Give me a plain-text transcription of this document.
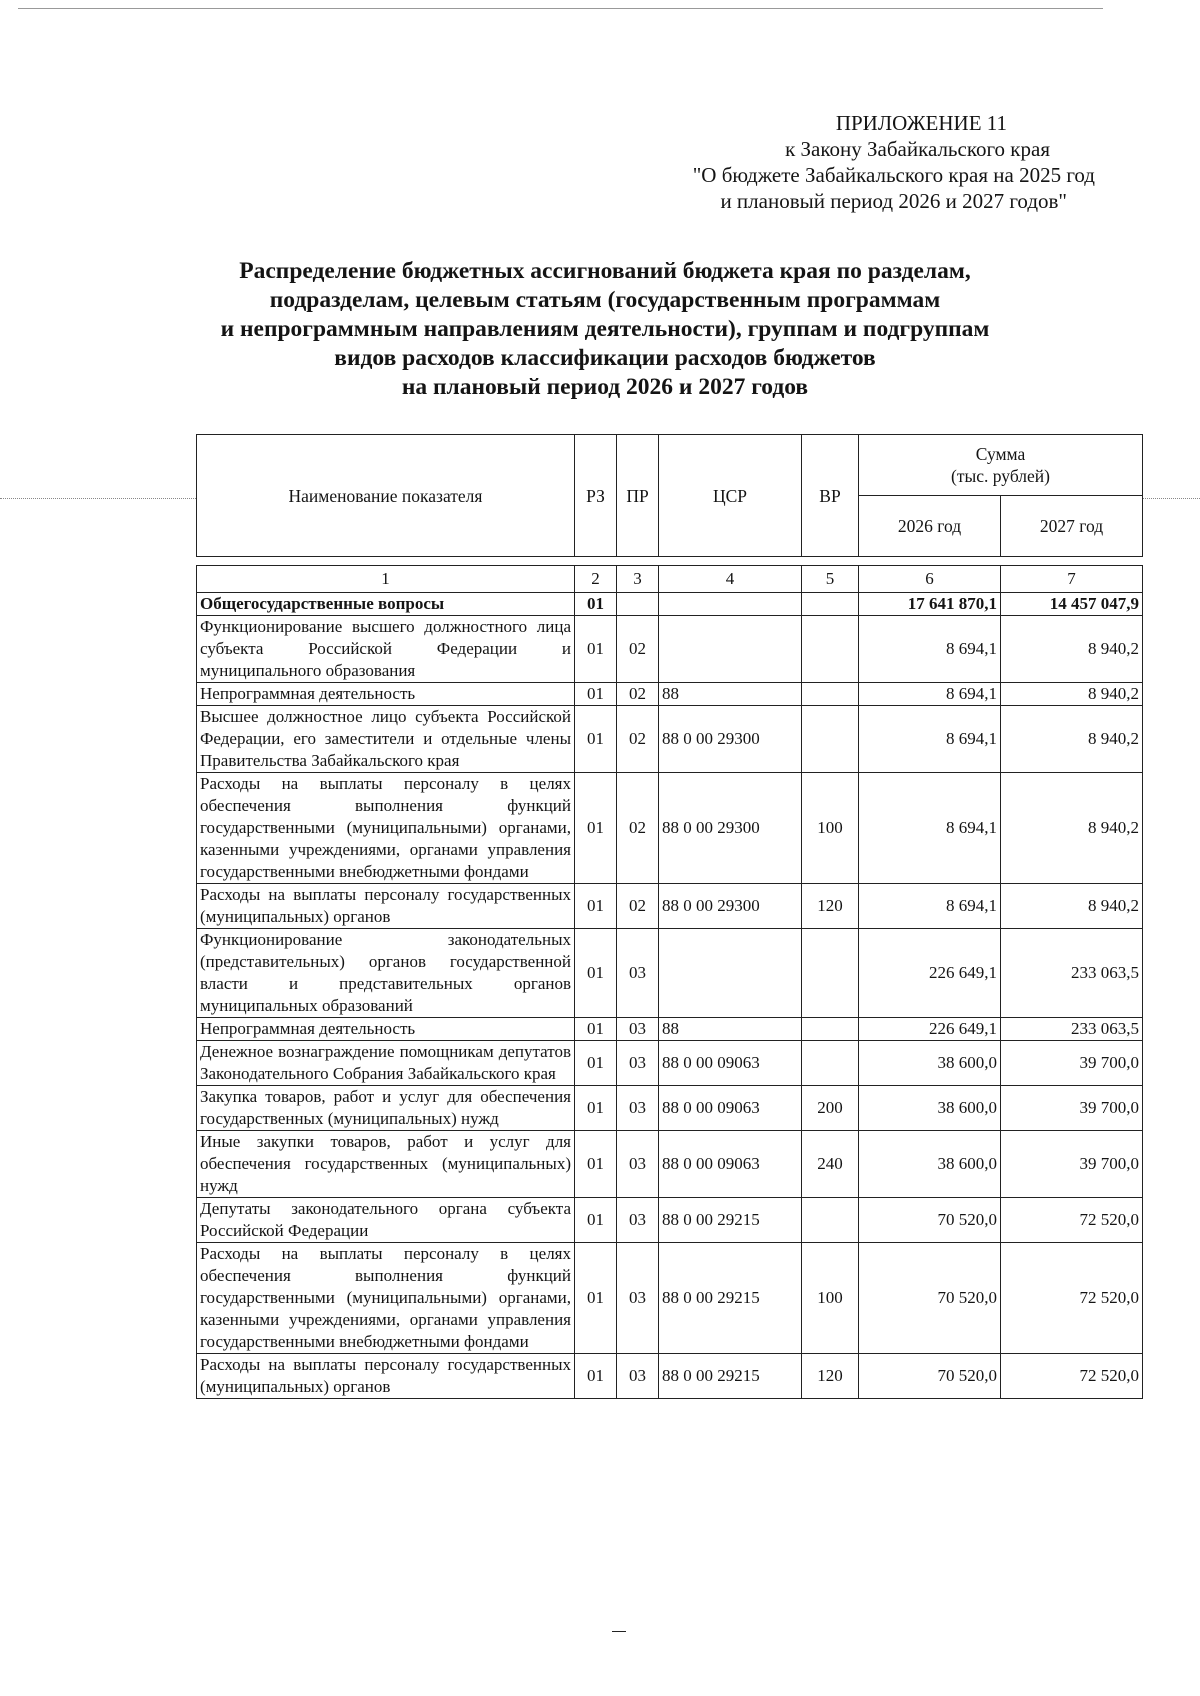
ПРИЛОЖЕНИЕ 11
к Закону Забайкальского края
"О бюджете Забайкальского края на 2025 год
и плановый период 2026 и 2027 годов"
Распределение бюджетных ассигнований бюджета края по разделам,
подразделам, целевым статьям (государственным программам
и непрограммным направлениям деятельности), группам и подгруппам
видов расходов классификации расходов бюджетов
на плановый период 2026 и 2027 годов
Наименование показателя	РЗ	ПР	ЦСР	ВР	Сумма
(тыс. рублей)	
					2026 год	2027 год

1	2	3	4	5	6	7
Общегосударственные вопросы	01				17 641 870,1	14 457 047,9
Функционирование высшего должностного лица субъекта Российской Федерации и муниципального образования	01	02			8 694,1	8 940,2
Непрограммная деятельность	01	02	88		8 694,1	8 940,2
Высшее должностное лицо субъекта Российской Федерации, его заместители и отдельные члены Правительства Забайкальского края	01	02	88 0 00 29300		8 694,1	8 940,2
Расходы на выплаты персоналу в целях обеспечения выполнения функций государственными (муниципальными) органами, казенными учреждениями, органами управления государственными внебюджетными фондами	01	02	88 0 00 29300	100	8 694,1	8 940,2
Расходы на выплаты персоналу государственных (муниципальных) органов	01	02	88 0 00 29300	120	8 694,1	8 940,2
Функционирование законодательных (представительных) органов государственной власти и представительных органов муниципальных образований	01	03			226 649,1	233 063,5
Непрограммная деятельность	01	03	88		226 649,1	233 063,5
Денежное вознаграждение помощникам депутатов Законодательного Собрания Забайкальского края	01	03	88 0 00 09063		38 600,0	39 700,0
Закупка товаров, работ и услуг для обеспечения государственных (муниципальных) нужд	01	03	88 0 00 09063	200	38 600,0	39 700,0
Иные закупки товаров, работ и услуг для обеспечения государственных (муниципальных) нужд	01	03	88 0 00 09063	240	38 600,0	39 700,0
Депутаты законодательного органа субъекта Российской Федерации	01	03	88 0 00 29215		70 520,0	72 520,0
Расходы на выплаты персоналу в целях обеспечения выполнения функций государственными (муниципальными) органами, казенными учреждениями, органами управления государственными внебюджетными фондами	01	03	88 0 00 29215	100	70 520,0	72 520,0
Расходы на выплаты персоналу государственных (муниципальных) органов	01	03	88 0 00 29215	120	70 520,0	72 520,0
